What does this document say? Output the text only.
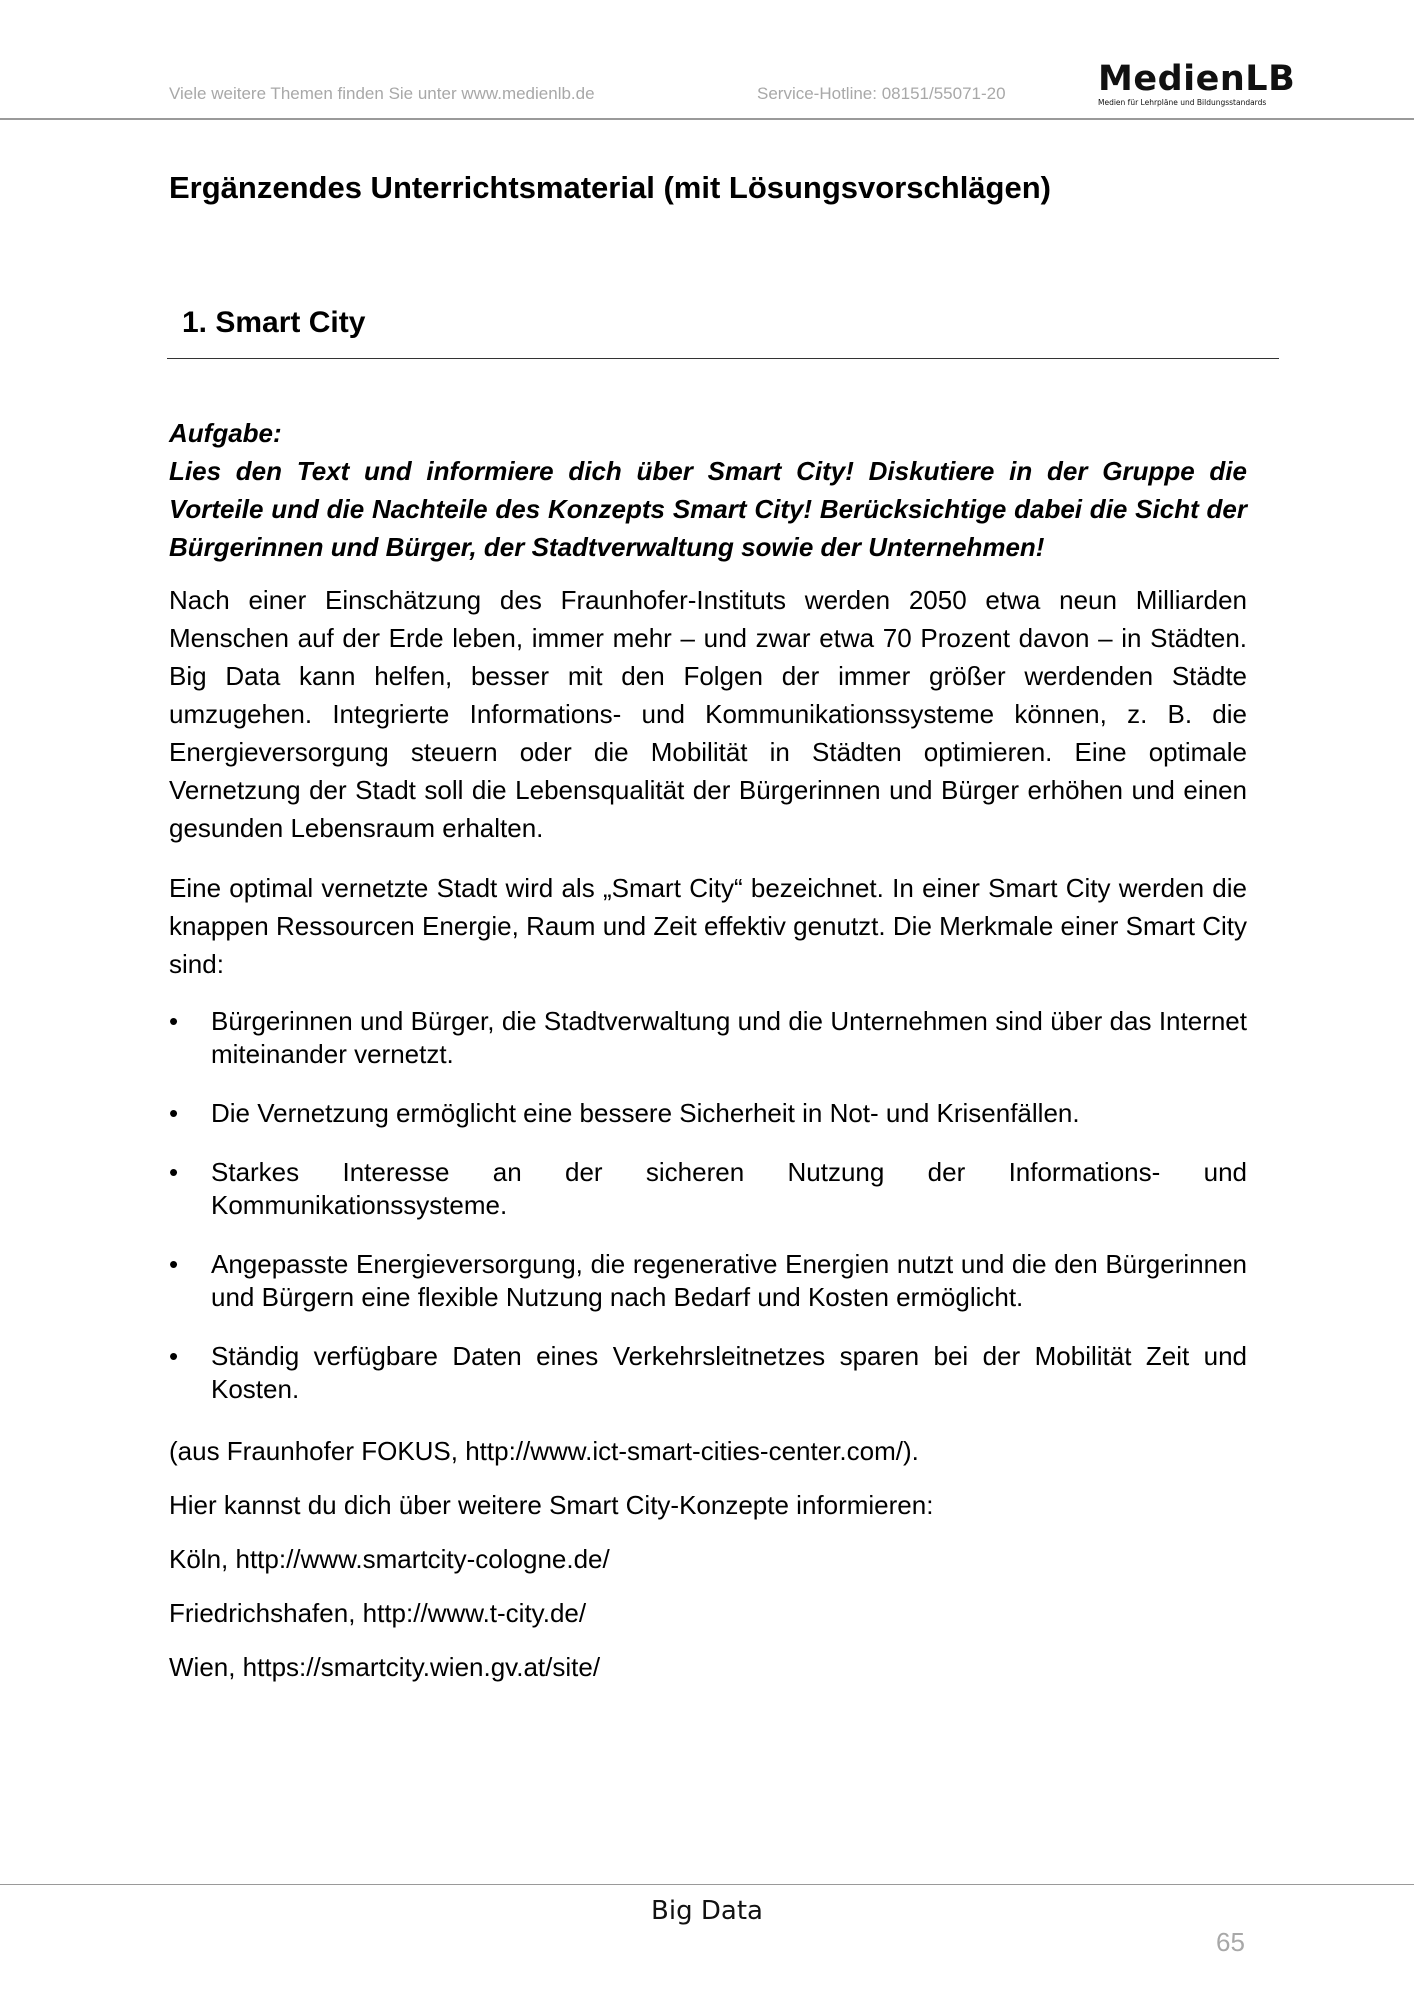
Viele weitere Themen finden Sie unter www.medienlb.de	Service-Hotline: 08151/55071-20	MedienLB
Medien für Lehrpläne und Bildungsstandards
Ergänzendes Unterrichtsmaterial (mit Lösungsvorschlägen)
1. Smart City

Aufgabe:
Lies den Text und informiere dich über Smart City! Diskutiere in der Gruppe die Vorteile und die Nachteile des Konzepts Smart City! Berücksichtige dabei die Sicht der Bürgerinnen und Bürger, der Stadtverwaltung sowie der Unternehmen!

Nach einer Einschätzung des Fraunhofer-Instituts werden 2050 etwa neun Milliarden Menschen auf der Erde leben, immer mehr – und zwar etwa 70 Prozent davon – in Städten. Big Data kann helfen, besser mit den Folgen der immer größer werdenden Städte umzugehen. Integrierte Informations- und Kommunikationssysteme können, z. B. die Energieversorgung steuern oder die Mobilität in Städten optimieren. Eine optimale Vernetzung der Stadt soll die Lebensqualität der Bürgerinnen und Bürger erhöhen und einen gesunden Lebensraum erhalten.

Eine optimal vernetzte Stadt wird als „Smart City“ bezeichnet. In einer Smart City werden die knappen Ressourcen Energie, Raum und Zeit effektiv genutzt. Die Merkmale einer Smart City sind:

• Bürgerinnen und Bürger, die Stadtverwaltung und die Unternehmen sind über das Internet miteinander vernetzt.
• Die Vernetzung ermöglicht eine bessere Sicherheit in Not- und Krisenfällen.
• Starkes Interesse an der sicheren Nutzung der Informations- und Kommunikationssysteme.
• Angepasste Energieversorgung, die regenerative Energien nutzt und die den Bürgerinnen und Bürgern eine flexible Nutzung nach Bedarf und Kosten ermöglicht.
• Ständig verfügbare Daten eines Verkehrsleitnetzes sparen bei der Mobilität Zeit und Kosten.

(aus Fraunhofer FOKUS, http://www.ict-smart-cities-center.com/).

Hier kannst du dich über weitere Smart City-Konzepte informieren:

Köln, http://www.smartcity-cologne.de/

Friedrichshafen, http://www.t-city.de/

Wien, https://smartcity.wien.gv.at/site/

Big Data
65
